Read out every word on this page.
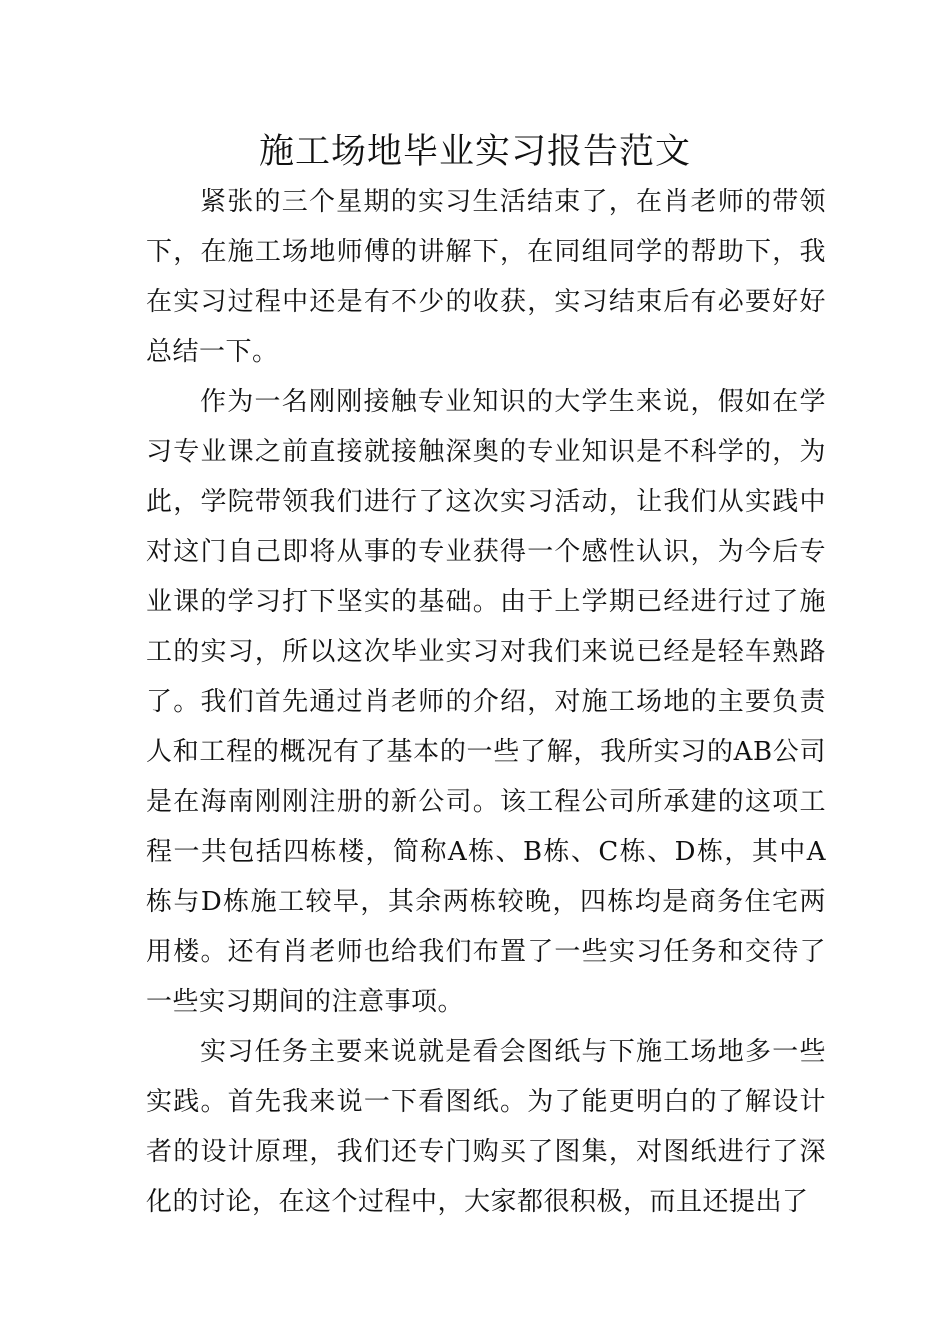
施工场地毕业实习报告范文

紧张的三个星期的实习生活结束了，在肖老师的带领下，在施工场地师傅的讲解下，在同组同学的帮助下，我在实习过程中还是有不少的收获，实习结束后有必要好好总结一下。

作为一名刚刚接触专业知识的大学生来说，假如在学习专业课之前直接就接触深奥的专业知识是不科学的，为此，学院带领我们进行了这次实习活动，让我们从实践中对这门自己即将从事的专业获得一个感性认识，为今后专业课的学习打下坚实的基础。由于上学期已经进行过了施工的实习，所以这次毕业实习对我们来说已经是轻车熟路了。我们首先通过肖老师的介绍，对施工场地的主要负责人和工程的概况有了基本的一些了解，我所实习的AB公司是在海南刚刚注册的新公司。该工程公司所承建的这项工程一共包括四栋楼，简称A栋、B栋、C栋、D栋，其中A栋与D栋施工较早，其余两栋较晚，四栋均是商务住宅两用楼。还有肖老师也给我们布置了一些实习任务和交待了一些实习期间的注意事项。

实习任务主要来说就是看会图纸与下施工场地多一些实践。首先我来说一下看图纸。为了能更明白的了解设计者的设计原理，我们还专门购买了图集，对图纸进行了深化的讨论，在这个过程中，大家都很积极，而且还提出了
